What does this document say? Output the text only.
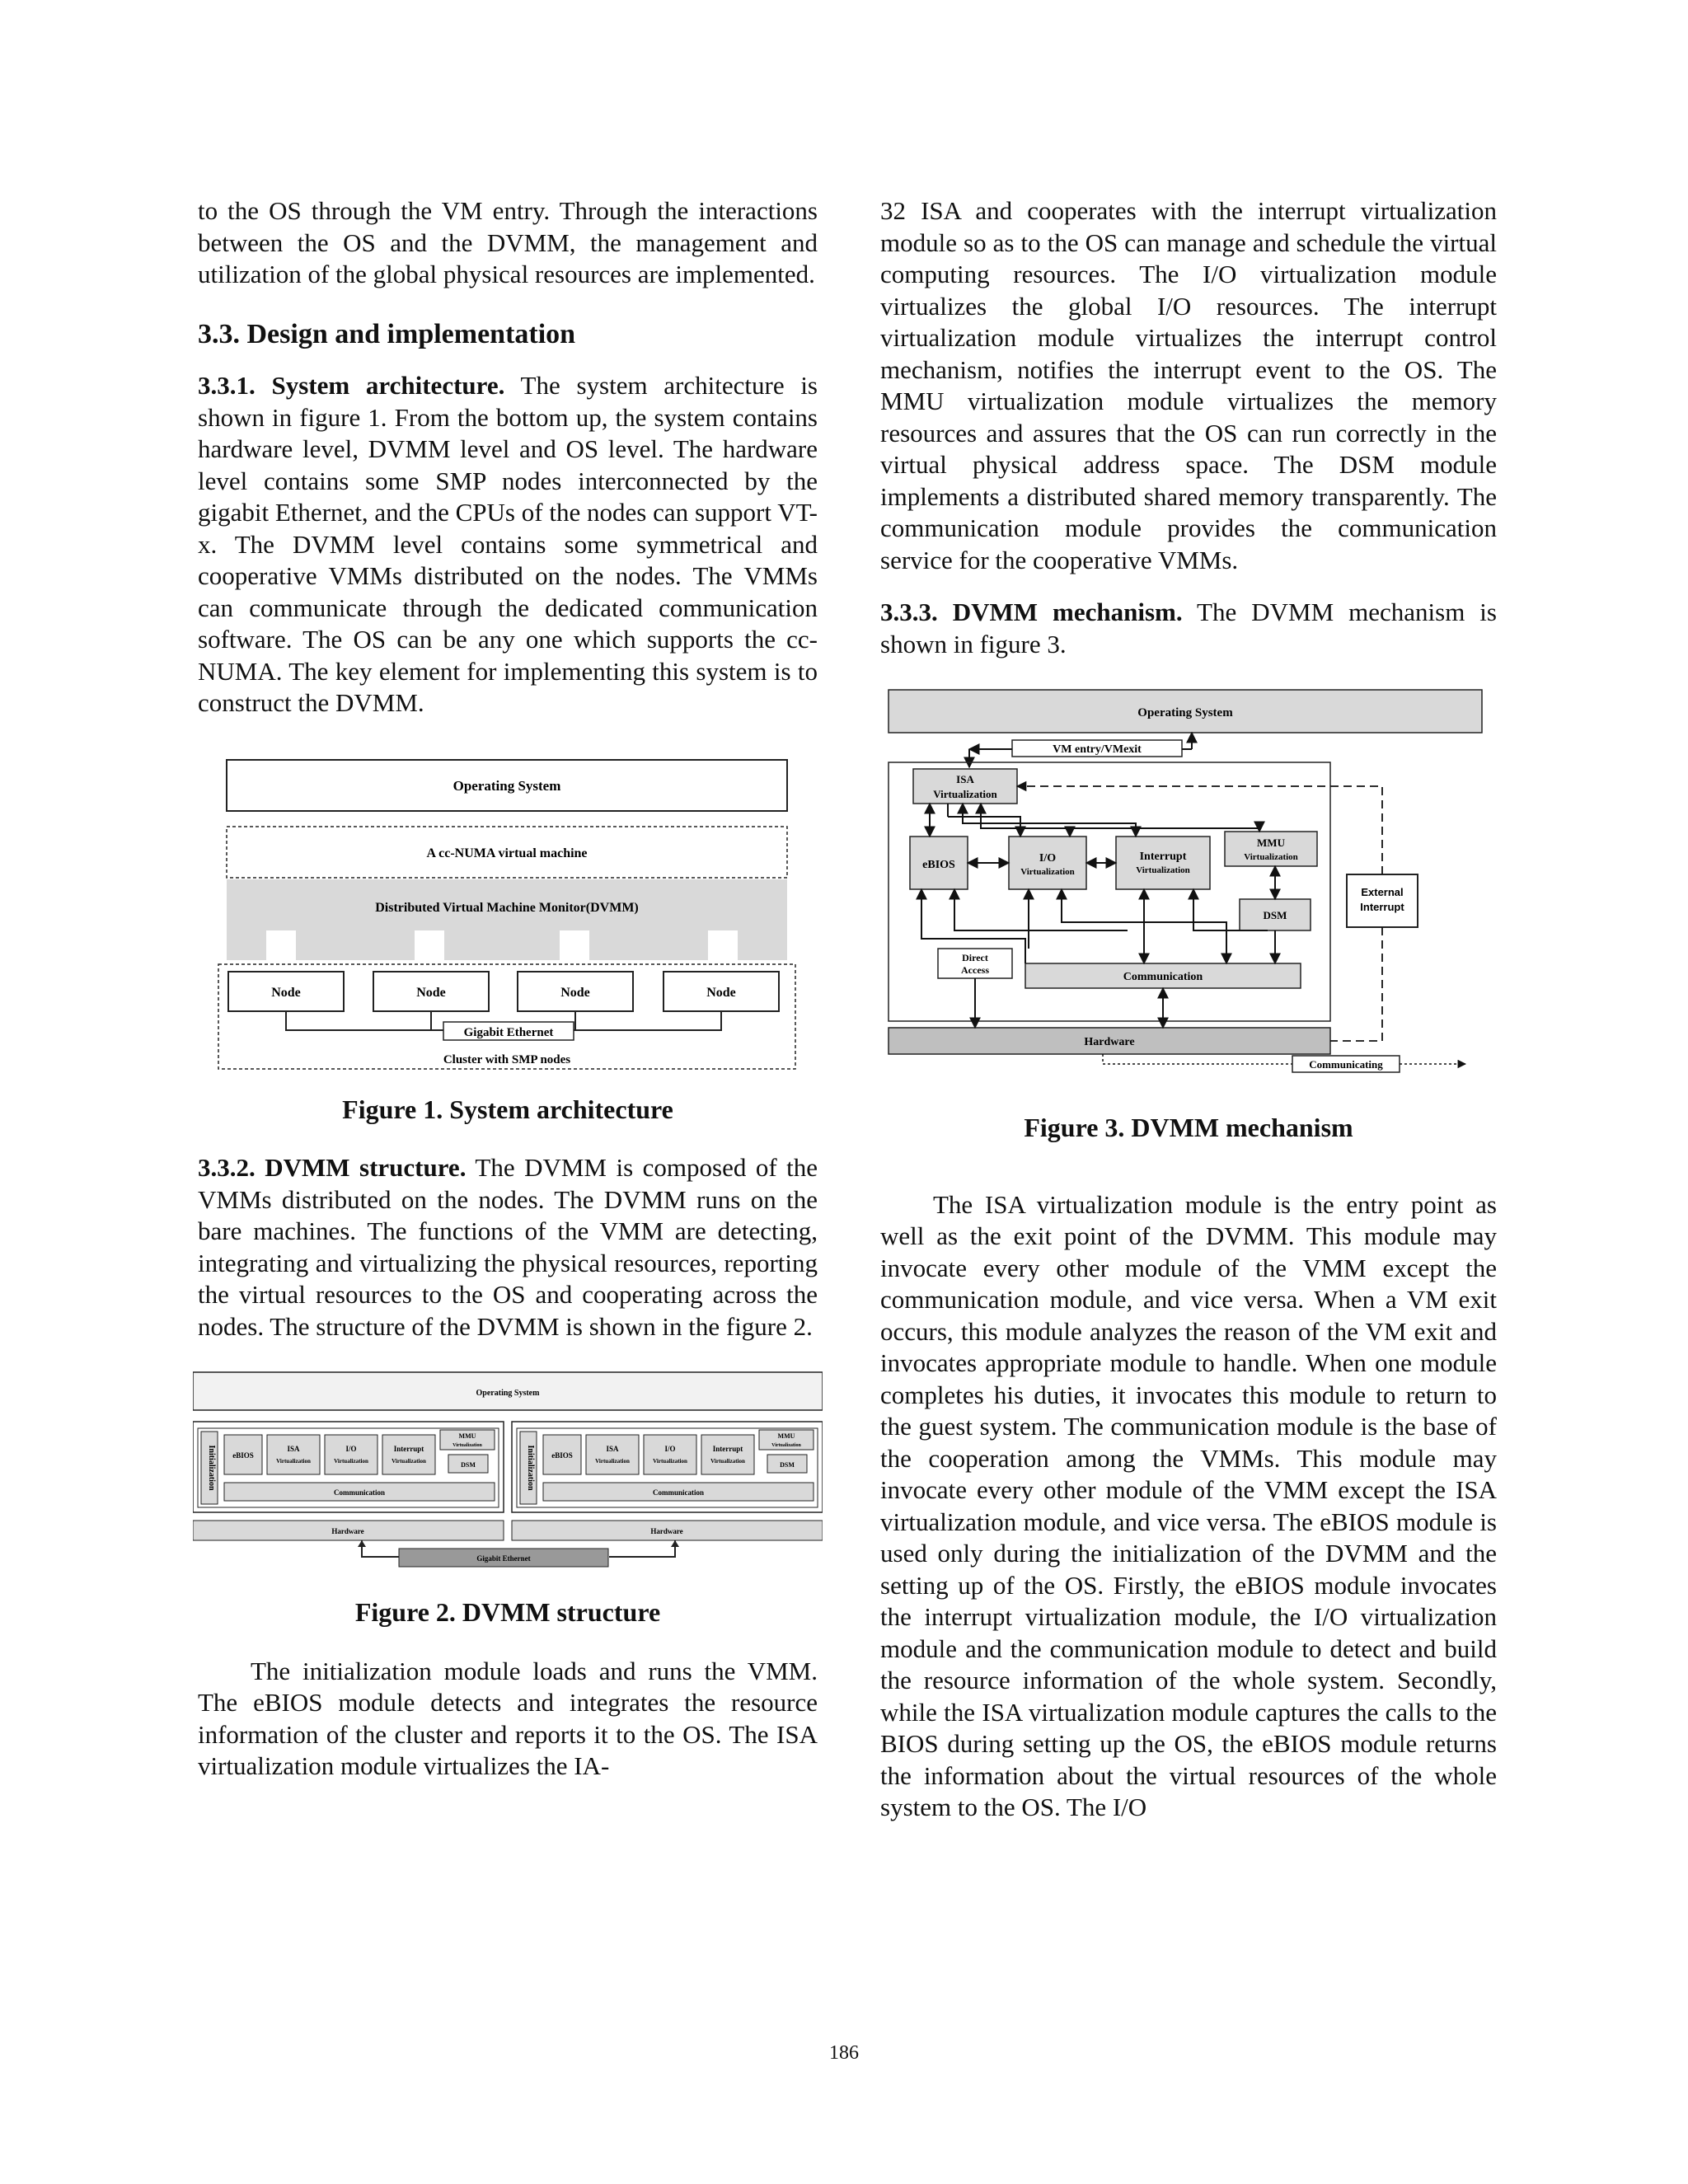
to the OS through the VM entry. Through the interactions between the OS and the DVMM, the management and utilization of the global physical resources are implemented.

3.3. Design and implementation

3.3.1. System architecture. The system architecture is shown in figure 1. From the bottom up, the system contains hardware level, DVMM level and OS level. The hardware level contains some SMP nodes interconnected by the gigabit Ethernet, and the CPUs of the nodes can support VT-x. The DVMM level contains some symmetrical and cooperative VMMs distributed on the nodes. The VMMs can communicate through the dedicated communication software. The OS can be any one which supports the cc-NUMA. The key element for implementing this system is to construct the DVMM.

Operating System
A cc-NUMA virtual machine
Distributed Virtual Machine Monitor(DVMM)
Node	Node	Node	Node
Gigabit Ethernet
Cluster with SMP nodes

Figure 1. System architecture

3.3.2. DVMM structure. The DVMM is composed of the VMMs distributed on the nodes. The DVMM runs on the bare machines. The functions of the VMM are detecting, integrating and virtualizing the physical resources, reporting the virtual resources to the OS and cooperating across the nodes. The structure of the DVMM is shown in the figure 2.

Operating System
Initialization eBIOS
ISA
Virtualization
I/O
Virtualization
Interrupt
Virtualization
MMU
Virtualization
DSM
Communication
Hardware
Initialization eBIOS
ISA
Virtualization
I/O
Virtualization
Interrupt
Virtualization
MMU
Virtualization
DSM
Communication
Hardware
Gigabit Ethernet

Figure 2. DVMM structure

The initialization module loads and runs the VMM. The eBIOS module detects and integrates the resource information of the cluster and reports it to the OS. The ISA virtualization module virtualizes the IA-

32 ISA and cooperates with the interrupt virtualization module so as to the OS can manage and schedule the virtual computing resources. The I/O virtualization module virtualizes the global I/O resources. The interrupt virtualization module virtualizes the interrupt control mechanism, notifies the interrupt event to the OS. The MMU virtualization module virtualizes the memory resources and assures that the OS can run correctly in the virtual physical address space. The DSM module implements a distributed shared memory transparently. The communication module provides the communication service for the cooperative VMMs.

3.3.3. DVMM mechanism. The DVMM mechanism is shown in figure 3.

Operating System
VM entry/VMexit
ISA
Virtualization
eBIOS
I/O
Virtualization
Interrupt
Virtualization
MMU
Virtualization
DSM
External
Interrupt
Direct
Access
Communication
Hardware
Communicating

Figure 3. DVMM mechanism

The ISA virtualization module is the entry point as well as the exit point of the DVMM. This module may invocate every other module of the VMM except the communication module, and vice versa. When a VM exit occurs, this module analyzes the reason of the VM exit and invocates appropriate module to handle. When one module completes his duties, it invocates this module to return to the guest system. The communication module is the base of the cooperation among the VMMs. This module may invocate every other module of the VMM except the ISA virtualization module, and vice versa. The eBIOS module is used only during the initialization of the DVMM and the setting up of the OS. Firstly, the eBIOS module invocates the interrupt virtualization module, the I/O virtualization module and the communication module to detect and build the resource information of the whole system. Secondly, while the ISA virtualization module captures the calls to the BIOS during setting up the OS, the eBIOS module returns the information about the virtual resources of the whole system to the OS. The I/O

186
